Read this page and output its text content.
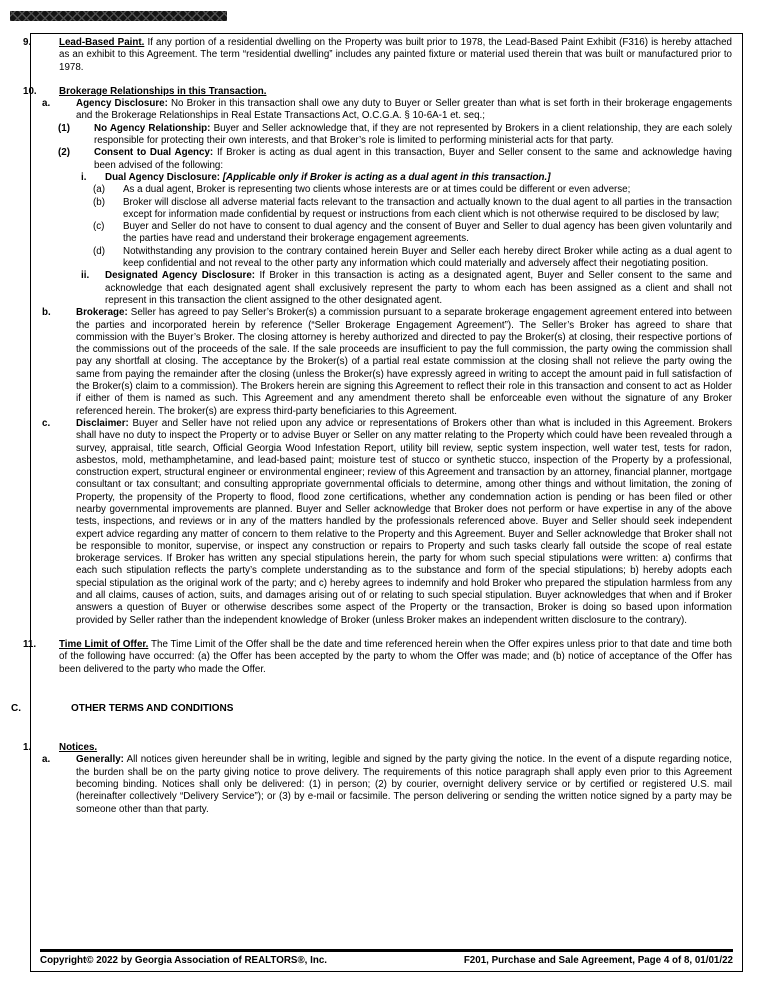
9.	Lead-Based Paint. If any portion of a residential dwelling on the Property was built prior to 1978, the Lead-Based Paint Exhibit (F316) is hereby attached as an exhibit to this Agreement. The term “residential dwelling” includes any painted fixture or material used therein that was built or manufactured prior to 1978.
10. Brokerage Relationships in this Transaction.
a.	Agency Disclosure: No Broker in this transaction shall owe any duty to Buyer or Seller greater than what is set forth in their brokerage engagements and the Brokerage Relationships in Real Estate Transactions Act, O.C.G.A. § 10-6A-1 et. seq.;
(1) No Agency Relationship: Buyer and Seller acknowledge that, if they are not represented by Brokers in a client relationship, they are each solely responsible for protecting their own interests, and that Broker’s role is limited to performing ministerial acts for that party.
(2) Consent to Dual Agency: If Broker is acting as dual agent in this transaction, Buyer and Seller consent to the same and acknowledge having been advised of the following:
i. Dual Agency Disclosure: [Applicable only if Broker is acting as a dual agent in this transaction.]
(a) As a dual agent, Broker is representing two clients whose interests are or at times could be different or even adverse;
(b) Broker will disclose all adverse material facts relevant to the transaction and actually known to the dual agent to all parties in the transaction except for information made confidential by request or instructions from each client which is not otherwise required to be disclosed by law;
(c) Buyer and Seller do not have to consent to dual agency and the consent of Buyer and Seller to dual agency has been given voluntarily and the parties have read and understand their brokerage engagement agreements.
(d) Notwithstanding any provision to the contrary contained herein Buyer and Seller each hereby direct Broker while acting as a dual agent to keep confidential and not reveal to the other party any information which could materially and adversely affect their negotiating position.
ii. Designated Agency Disclosure: If Broker in this transaction is acting as a designated agent, Buyer and Seller consent to the same and acknowledge that each designated agent shall exclusively represent the party to whom each has been assigned as a client and shall not represent in this transaction the client assigned to the other designated agent.
b.	Brokerage: Seller has agreed to pay Seller’s Broker(s) a commission pursuant to a separate brokerage engagement agreement entered into between the parties and incorporated herein by reference (“Seller Brokerage Engagement Agreement”). The Seller’s Broker has agreed to share that commission with the Buyer’s Broker. The closing attorney is hereby authorized and directed to pay the Broker(s) at closing, their respective portions of the commissions out of the proceeds of the sale. If the sale proceeds are insufficient to pay the full commission, the party owing the commission shall pay any shortfall at closing. The acceptance by the Broker(s) of a partial real estate commission at the closing shall not relieve the party owing the same from paying the remainder after the closing (unless the Broker(s) have expressly agreed in writing to accept the amount paid in full satisfaction of the Broker(s) claim to a commission). The Brokers herein are signing this Agreement to reflect their role in this transaction and consent to act as Holder if either of them is named as such. This Agreement and any amendment thereto shall be enforceable even without the signature of any Broker referenced herein. The broker(s) are express third-party beneficiaries to this Agreement.
c.	Disclaimer: Buyer and Seller have not relied upon any advice or representations of Brokers other than what is included in this Agreement. Brokers shall have no duty to inspect the Property or to advise Buyer or Seller on any matter relating to the Property which could have been revealed through a survey, appraisal, title search, Official Georgia Wood Infestation Report, utility bill review, septic system inspection, well water test, tests for radon, asbestos, mold, methamphetamine, and lead-based paint; moisture test of stucco or synthetic stucco, inspection of the Property by a professional, construction expert, structural engineer or environmental engineer; review of this Agreement and transaction by an attorney, financial planner, mortgage consultant or tax consultant; and consulting appropriate governmental officials to determine, among other things and without limitation, the zoning of Property, the propensity of the Property to flood, flood zone certifications, whether any condemnation action is pending or has been filed or other nearby governmental improvements are planned. Buyer and Seller acknowledge that Broker does not perform or have expertise in any of the above tests, inspections, and reviews or in any of the matters handled by the professionals referenced above. Buyer and Seller should seek independent expert advice regarding any matter of concern to them relative to the Property and this Agreement. Buyer and Seller acknowledge that Broker shall not be responsible to monitor, supervise, or inspect any construction or repairs to Property and such tasks clearly fall outside the scope of real estate brokerage services. If Broker has written any special stipulations herein, the party for whom such special stipulations were written: a) confirms that each such stipulation reflects the party’s complete understanding as to the substance and form of the special stipulations; b) hereby adopts each special stipulation as the original work of the party; and c) hereby agrees to indemnify and hold Broker who prepared the stipulation harmless from any and all claims, causes of action, suits, and damages arising out of or relating to such special stipulation. Buyer acknowledges that when and if Broker answers a question of Buyer or otherwise describes some aspect of the Property or the transaction, Broker is doing so based upon information provided by Seller rather than the independent knowledge of Broker (unless Broker makes an independent written disclosure to the contrary).
11. Time Limit of Offer. The Time Limit of the Offer shall be the date and time referenced herein when the Offer expires unless prior to that date and time both of the following have occurred: (a) the Offer has been accepted by the party to whom the Offer was made; and (b) notice of acceptance of the Offer has been delivered to the party who made the Offer.
C.	OTHER TERMS AND CONDITIONS
1.	Notices.
a.	Generally: All notices given hereunder shall be in writing, legible and signed by the party giving the notice. In the event of a dispute regarding notice, the burden shall be on the party giving notice to prove delivery. The requirements of this notice paragraph shall apply even prior to this Agreement becoming binding. Notices shall only be delivered: (1) in person; (2) by courier, overnight delivery service or by certified or registered U.S. mail (hereinafter collectively “Delivery Service”); or (3) by e-mail or facsimile. The person delivering or sending the written notice signed by a party may be someone other than that party.
Copyright© 2022 by Georgia Association of REALTORS®, Inc.	F201, Purchase and Sale Agreement, Page 4 of 8, 01/01/22
